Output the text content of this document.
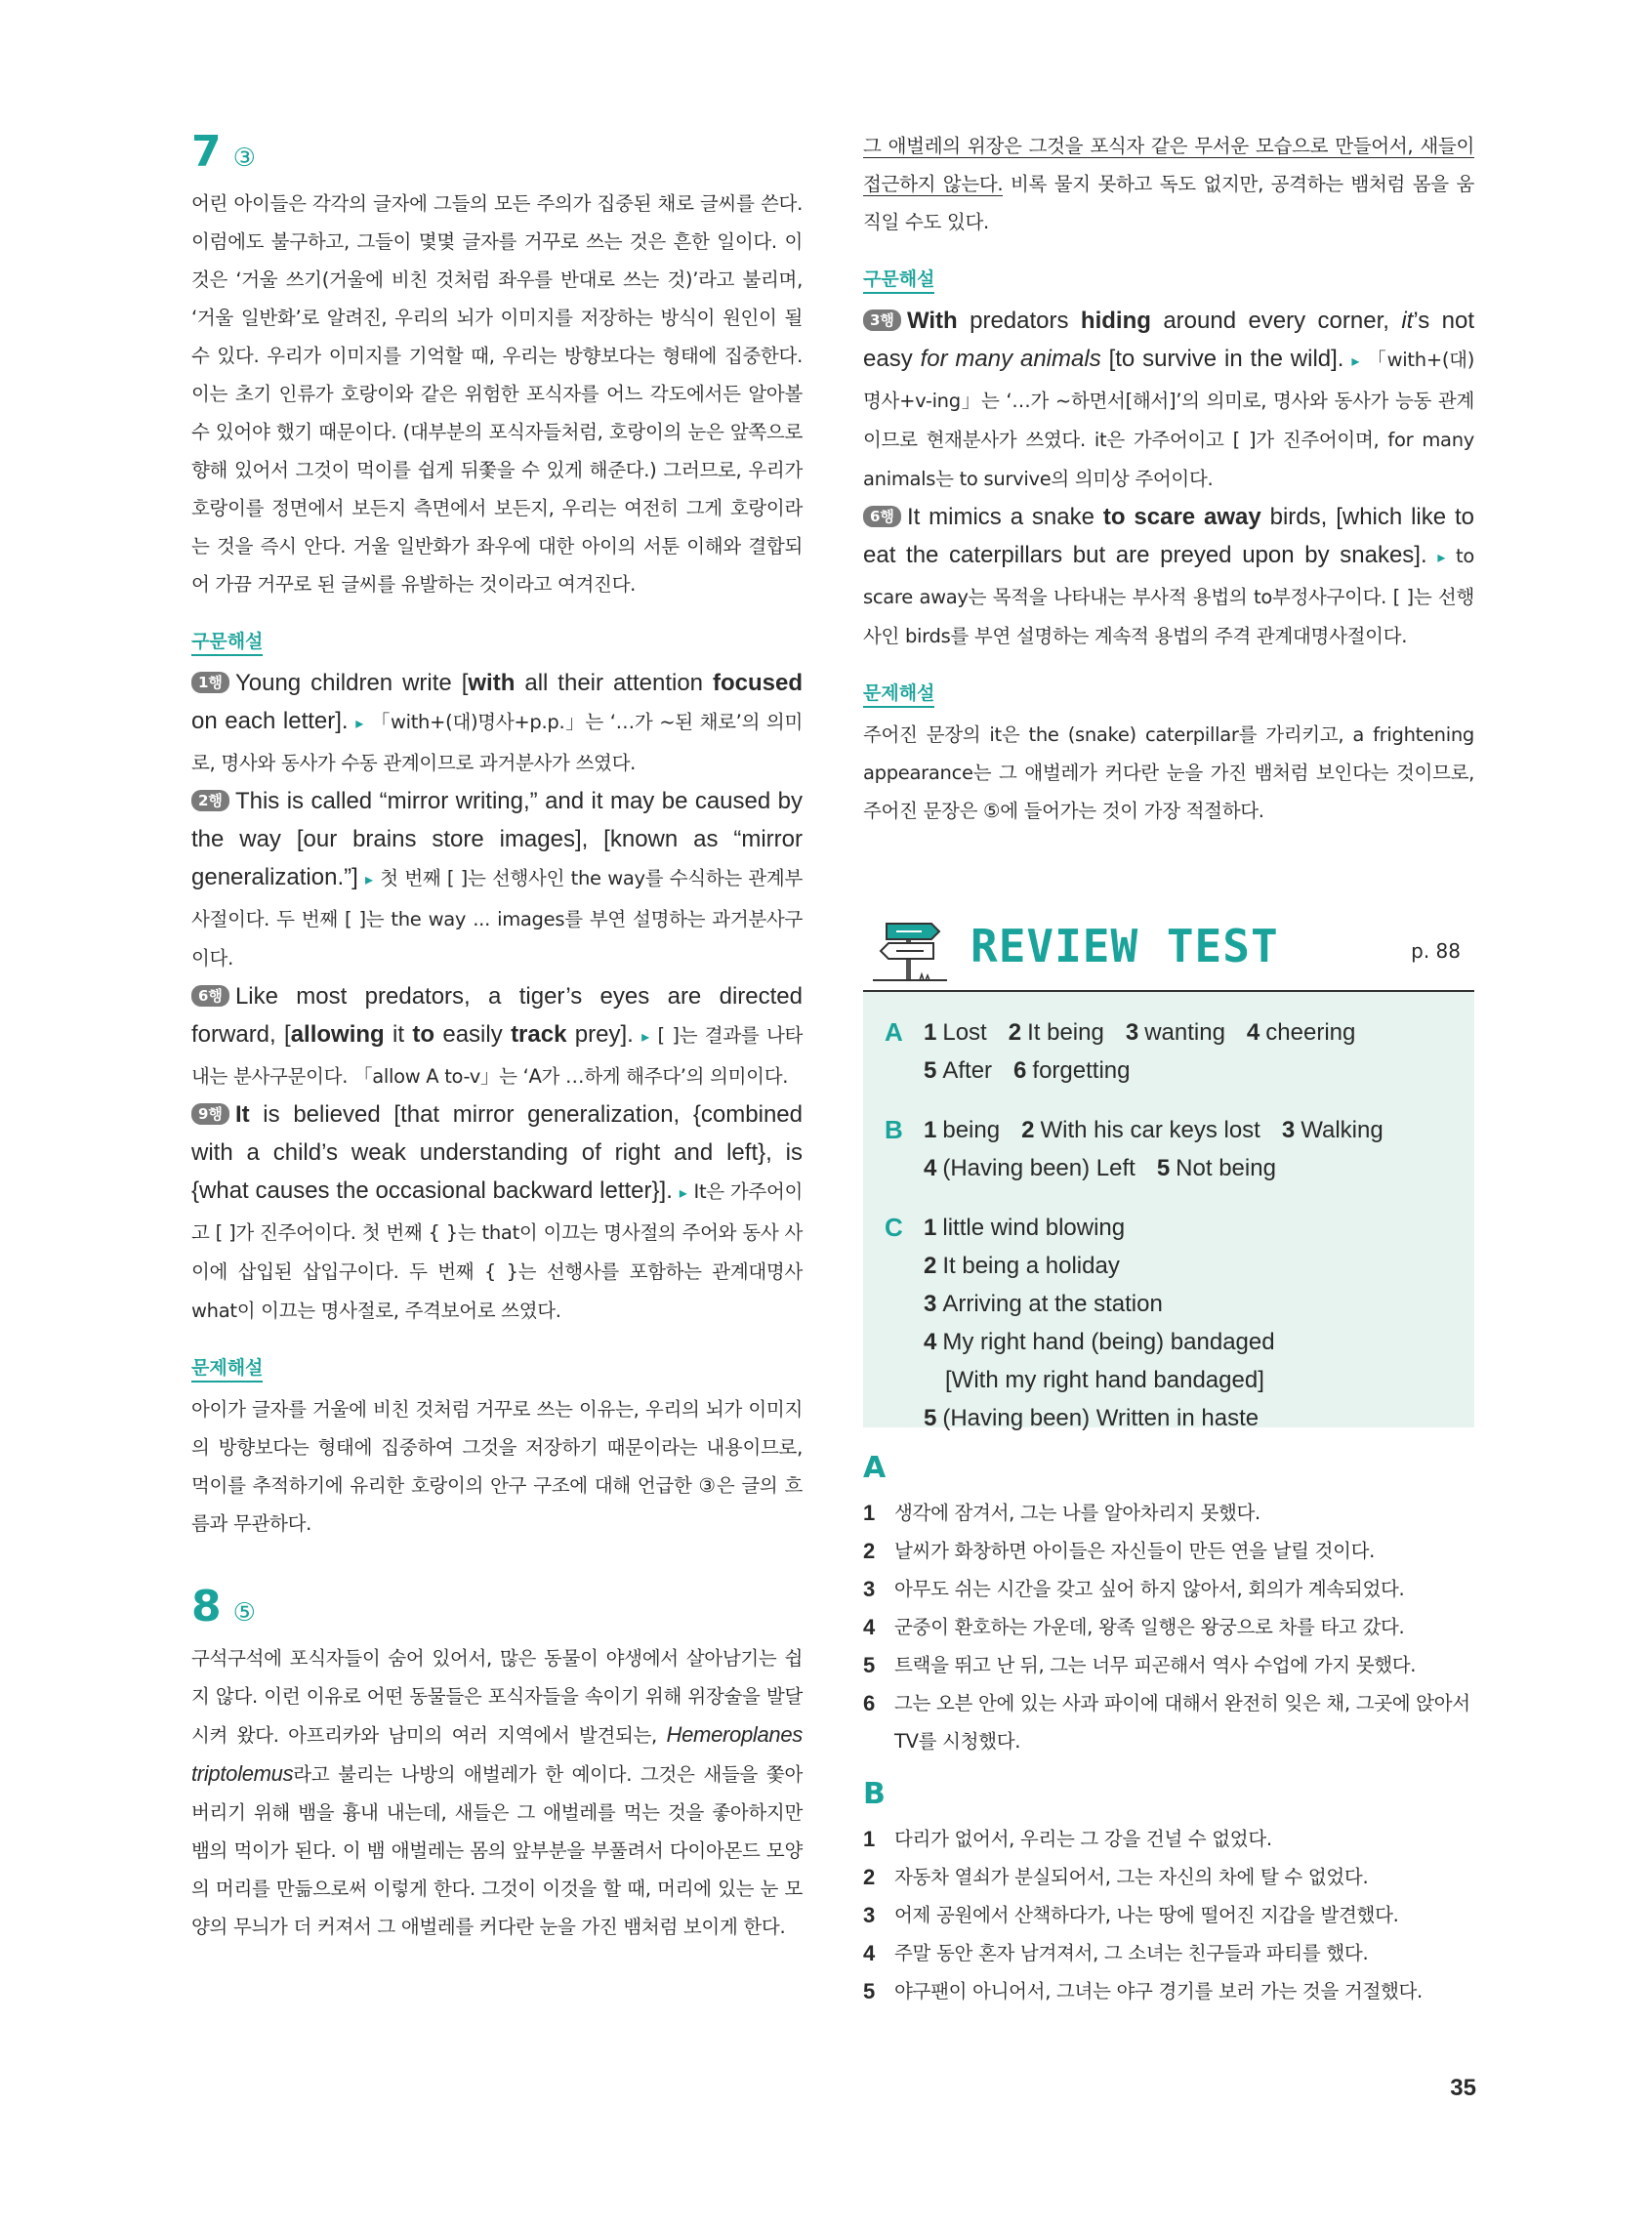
7 ③

어린 아이들은 각각의 글자에 그들의 모든 주의가 집중된 채로 글씨를 쓴다. 이럼에도 불구하고, 그들이 몇몇 글자를 거꾸로 쓰는 것은 흔한 일이다. 이것은 ‘거울 쓰기(거울에 비친 것처럼 좌우를 반대로 쓰는 것)’라고 불리며, ‘거울 일반화’로 알려진, 우리의 뇌가 이미지를 저장하는 방식이 원인이 될 수 있다. 우리가 이미지를 기억할 때, 우리는 방향보다는 형태에 집중한다. 이는 초기 인류가 호랑이와 같은 위험한 포식자를 어느 각도에서든 알아볼 수 있어야 했기 때문이다. (대부분의 포식자들처럼, 호랑이의 눈은 앞쪽으로 향해 있어서 그것이 먹이를 쉽게 뒤쫓을 수 있게 해준다.) 그러므로, 우리가 호랑이를 정면에서 보든지 측면에서 보든지, 우리는 여전히 그게 호랑이라는 것을 즉시 안다. 거울 일반화가 좌우에 대한 아이의 서툰 이해와 결합되어 가끔 거꾸로 된 글씨를 유발하는 것이라고 여겨진다.

구문해설

1행 Young children write [with all their attention focused on each letter]. ▸ 「with+(대)명사+p.p.」는 ‘…가 ~된 채로’의 의미로, 명사와 동사가 수동 관계이므로 과거분사가 쓰였다.

2행 This is called “mirror writing,” and it may be caused by the way [our brains store images], [known as “mirror generalization.”] ▸ 첫 번째 [ ]는 선행사인 the way를 수식하는 관계부사절이다. 두 번째 [ ]는 the way ... images를 부연 설명하는 과거분사구이다.

6행 Like most predators, a tiger’s eyes are directed forward, [allowing it to easily track prey]. ▸ [ ]는 결과를 나타내는 분사구문이다. 「allow A to-v」는 ‘A가 …하게 해주다’의 의미이다.

9행 It is believed [that mirror generalization, {combined with a child’s weak understanding of right and left}, is {what causes the occasional backward letter}]. ▸ It은 가주어이고 [ ]가 진주어이다. 첫 번째 { }는 that이 이끄는 명사절의 주어와 동사 사이에 삽입된 삽입구이다. 두 번째 { }는 선행사를 포함하는 관계대명사 what이 이끄는 명사절로, 주격보어로 쓰였다.

문제해설

아이가 글자를 거울에 비친 것처럼 거꾸로 쓰는 이유는, 우리의 뇌가 이미지의 방향보다는 형태에 집중하여 그것을 저장하기 때문이라는 내용이므로, 먹이를 추적하기에 유리한 호랑이의 안구 구조에 대해 언급한 ③은 글의 흐름과 무관하다.

8 ⑤

구석구석에 포식자들이 숨어 있어서, 많은 동물이 야생에서 살아남기는 쉽지 않다. 이런 이유로 어떤 동물들은 포식자들을 속이기 위해 위장술을 발달시켜 왔다. 아프리카와 남미의 여러 지역에서 발견되는, Hemeroplanes triptolemus라고 불리는 나방의 애벌레가 한 예이다. 그것은 새들을 쫓아 버리기 위해 뱀을 흉내 내는데, 새들은 그 애벌레를 먹는 것을 좋아하지만 뱀의 먹이가 된다. 이 뱀 애벌레는 몸의 앞부분을 부풀려서 다이아몬드 모양의 머리를 만듦으로써 이렇게 한다. 그것이 이것을 할 때, 머리에 있는 눈 모양의 무늬가 더 커져서 그 애벌레를 커다란 눈을 가진 뱀처럼 보이게 한다.

그 애벌레의 위장은 그것을 포식자 같은 무서운 모습으로 만들어서, 새들이 접근하지 않는다. 비록 물지 못하고 독도 없지만, 공격하는 뱀처럼 몸을 움직일 수도 있다.

구문해설

3행 With predators hiding around every corner, it’s not easy for many animals [to survive in the wild]. ▸ 「with+(대)명사+v-ing」는 ‘…가 ~하면서[해서]’의 의미로, 명사와 동사가 능동 관계이므로 현재분사가 쓰였다. it은 가주어이고 [ ]가 진주어이며, for many animals는 to survive의 의미상 주어이다.

6행 It mimics a snake to scare away birds, [which like to eat the caterpillars but are preyed upon by snakes]. ▸ to scare away는 목적을 나타내는 부사적 용법의 to부정사구이다. [ ]는 선행사인 birds를 부연 설명하는 계속적 용법의 주격 관계대명사절이다.

문제해설

주어진 문장의 it은 the (snake) caterpillar를 가리키고, a frightening appearance는 그 애벌레가 커다란 눈을 가진 뱀처럼 보인다는 것이므로, 주어진 문장은 ⑤에 들어가는 것이 가장 적절하다.

REVIEW TEST	p. 88
A 1 Lost 2 It being 3 wanting 4 cheering
5 After 6 forgetting
B 1 being 2 With his car keys lost 3 Walking
4 (Having been) Left 5 Not being
C 1 little wind blowing
2 It being a holiday
3 Arriving at the station
4 My right hand (being) bandaged
[With my right hand bandaged]
5 (Having been) Written in haste
A
1	생각에 잠겨서, 그는 나를 알아차리지 못했다.
2	날씨가 화창하면 아이들은 자신들이 만든 연을 날릴 것이다.
3	아무도 쉬는 시간을 갖고 싶어 하지 않아서, 회의가 계속되었다.
4	군중이 환호하는 가운데, 왕족 일행은 왕궁으로 차를 타고 갔다.
5	트랙을 뛰고 난 뒤, 그는 너무 피곤해서 역사 수업에 가지 못했다.
6	그는 오븐 안에 있는 사과 파이에 대해서 완전히 잊은 채, 그곳에 앉아서 TV를 시청했다.
B
1	다리가 없어서, 우리는 그 강을 건널 수 없었다.
2	자동차 열쇠가 분실되어서, 그는 자신의 차에 탈 수 없었다.
3	어제 공원에서 산책하다가, 나는 땅에 떨어진 지갑을 발견했다.
4	주말 동안 혼자 남겨져서, 그 소녀는 친구들과 파티를 했다.
5	야구팬이 아니어서, 그녀는 야구 경기를 보러 가는 것을 거절했다.
35
